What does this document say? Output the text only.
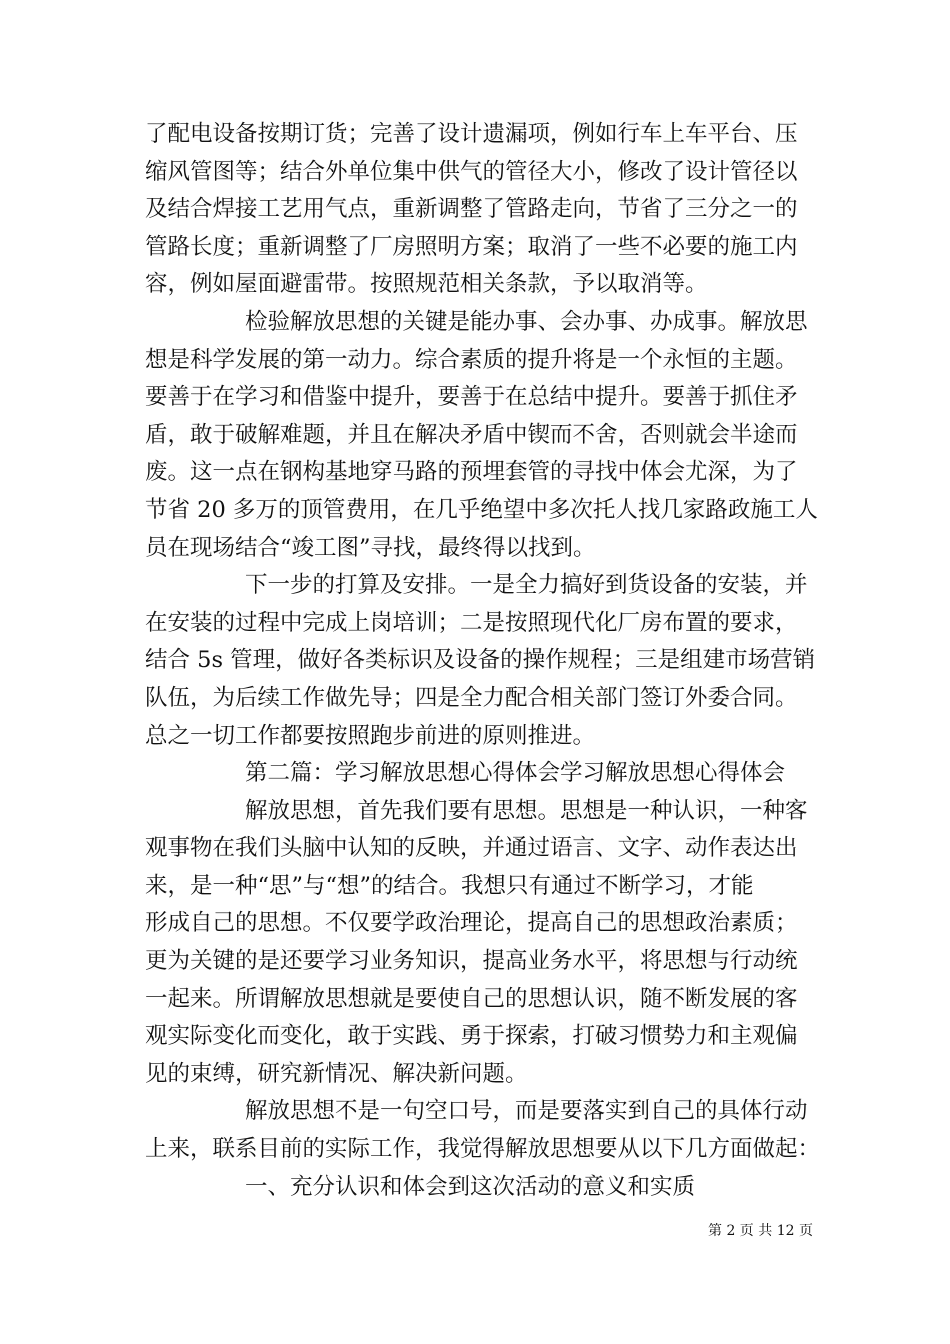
了配电设备按期订货；完善了设计遗漏项，例如行车上车平台、压
缩风管图等；结合外单位集中供气的管径大小，修改了设计管径以
及结合焊接工艺用气点，重新调整了管路走向，节省了三分之一的
管路长度；重新调整了厂房照明方案；取消了一些不必要的施工内
容，例如屋面避雷带。按照规范相关条款，予以取消等。
检验解放思想的关键是能办事、会办事、办成事。解放思
想是科学发展的第一动力。综合素质的提升将是一个永恒的主题。
要善于在学习和借鉴中提升，要善于在总结中提升。要善于抓住矛
盾，敢于破解难题，并且在解决矛盾中锲而不舍，否则就会半途而
废。这一点在钢构基地穿马路的预埋套管的寻找中体会尤深，为了
节省 20 多万的顶管费用，在几乎绝望中多次托人找几家路政施工人
员在现场结合“竣工图”寻找，最终得以找到。
下一步的打算及安排。一是全力搞好到货设备的安装，并
在安装的过程中完成上岗培训；二是按照现代化厂房布置的要求，
结合 5s 管理，做好各类标识及设备的操作规程；三是组建市场营销
队伍，为后续工作做先导；四是全力配合相关部门签订外委合同。
总之一切工作都要按照跑步前进的原则推进。
第二篇：学习解放思想心得体会学习解放思想心得体会
解放思想，首先我们要有思想。思想是一种认识，一种客
观事物在我们头脑中认知的反映，并通过语言、文字、动作表达出
来，是一种“思”与“想”的结合。我想只有通过不断学习，才能
形成自己的思想。不仅要学政治理论，提高自己的思想政治素质；
更为关键的是还要学习业务知识，提高业务水平，将思想与行动统
一起来。所谓解放思想就是要使自己的思想认识，随不断发展的客
观实际变化而变化，敢于实践、勇于探索，打破习惯势力和主观偏
见的束缚，研究新情况、解决新问题。
解放思想不是一句空口号，而是要落实到自己的具体行动
上来，联系目前的实际工作，我觉得解放思想要从以下几方面做起：
一、充分认识和体会到这次活动的意义和实质
第 2 页 共 12 页
